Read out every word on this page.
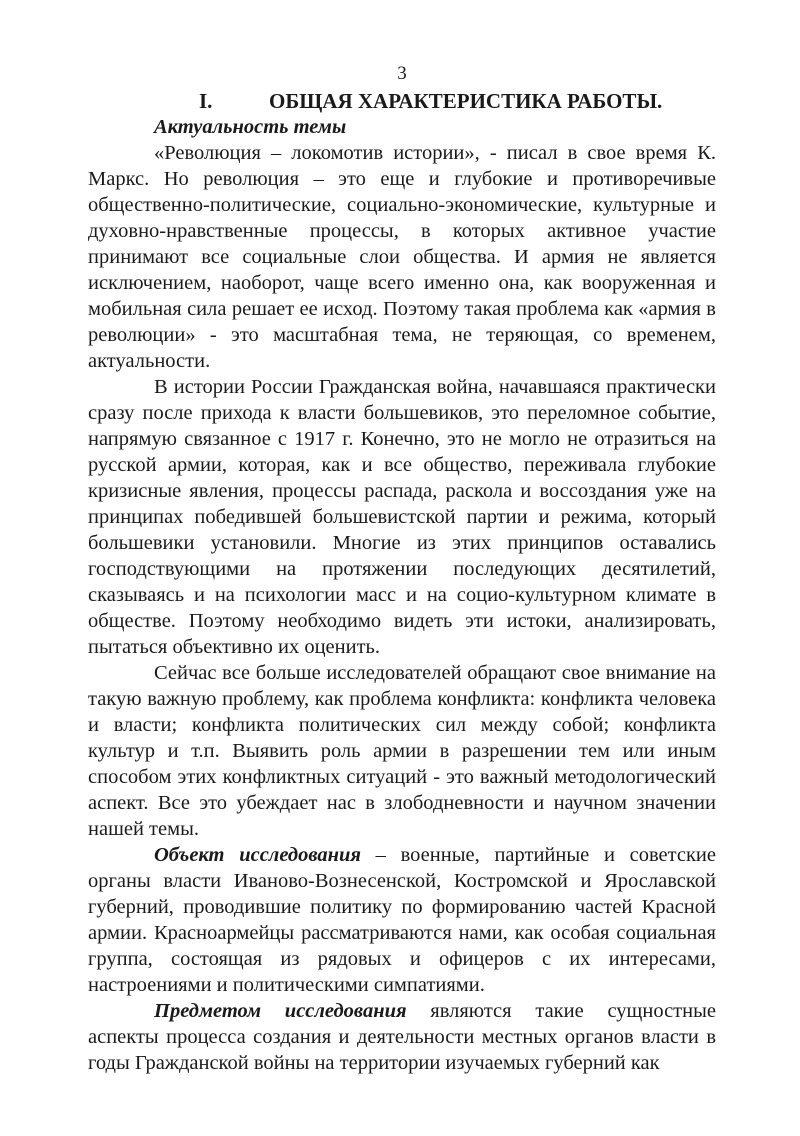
3
I.	ОБЩАЯ ХАРАКТЕРИСТИКА РАБОТЫ.
Актуальность темы

«Революция – локомотив истории», - писал в свое время К. Маркс. Но революция – это еще и глубокие и противоречивые общественно-политические, социально-экономические, культурные и духовно-нравственные процессы, в которых активное участие принимают все социальные слои общества. И армия не является исключением, наоборот, чаще всего именно она, как вооруженная и мобильная сила решает ее исход. Поэтому такая проблема как «армия в революции» - это масштабная тема, не теряющая, со временем, актуальности.

В истории России Гражданская война, начавшаяся практически сразу после прихода к власти большевиков, это переломное событие, напрямую связанное с 1917 г. Конечно, это не могло не отразиться на русской армии, которая, как и все общество, переживала глубокие кризисные явления, процессы распада, раскола и воссоздания уже на принципах победившей большевистской партии и режима, который большевики установили. Многие из этих принципов оставались господствующими на протяжении последующих десятилетий, сказываясь и на психологии масс и на социо-культурном климате в обществе. Поэтому необходимо видеть эти истоки, анализировать, пытаться объективно их оценить.

Сейчас все больше исследователей обращают свое внимание на такую важную проблему, как проблема конфликта: конфликта человека и власти; конфликта политических сил между собой; конфликта культур и т.п. Выявить роль армии в разрешении тем или иным способом этих конфликтных ситуаций - это важный методологический аспект. Все это убеждает нас в злободневности и научном значении нашей темы.

Объект исследования – военные, партийные и советские органы власти Иваново-Вознесенской, Костромской и Ярославской губерний, проводившие политику по формированию частей Красной армии. Красноармейцы рассматриваются нами, как особая социальная группа, состоящая из рядовых и офицеров с их интересами, настроениями и политическими симпатиями.

Предметом исследования являются такие сущностные аспекты процесса создания и деятельности местных органов власти в годы Гражданской войны на территории изучаемых губерний как
